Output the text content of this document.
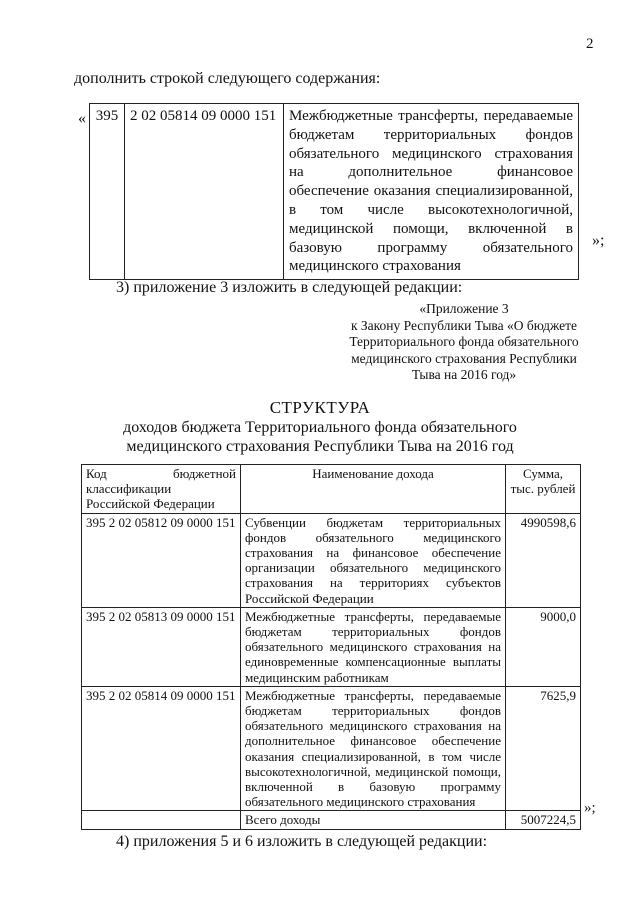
2
дополнить строкой следующего содержания:
« 395	2 02 05814 09 0000 151	Межбюджетные трансферты, передаваемые бюджетам территориальных фондов обязательного медицинского страхования на дополнительное финансовое обеспечение оказания специализированной, в том числе высокотехнологичной, медицинской помощи, включенной в базовую программу обязательного медицинского страхования
»;
3) приложение 3 изложить в следующей редакции:
«Приложение 3
к Закону Республики Тыва «О бюджете
Территориального фонда обязательного
медицинского страхования Республики
Тыва на 2016 год»
СТРУКТУРА
доходов бюджета Территориального фонда обязательного
медицинского страхования Республики Тыва на 2016 год
Код бюджетной классификации Российской Федерации	Наименование дохода	Сумма, тыс. рублей
395 2 02 05812 09 0000 151	Субвенции бюджетам территориальных фондов обязательного медицинского страхования на финансовое обеспечение организации обязательного медицинского страхования на территориях субъектов Российской Федерации	4990598,6
395 2 02 05813 09 0000 151	Межбюджетные трансферты, передаваемые бюджетам территориальных фондов обязательного медицинского страхования на единовременные компенсационные выплаты медицинским работникам	9000,0
395 2 02 05814 09 0000 151	Межбюджетные трансферты, передаваемые бюджетам территориальных фондов обязательного медицинского страхования на дополнительное финансовое обеспечение оказания специализированной, в том числе высокотехнологичной, медицинской помощи, включенной в базовую программу обязательного медицинского страхования	7625,9
	Всего доходы	5007224,5
»;
4) приложения 5 и 6 изложить в следующей редакции:
